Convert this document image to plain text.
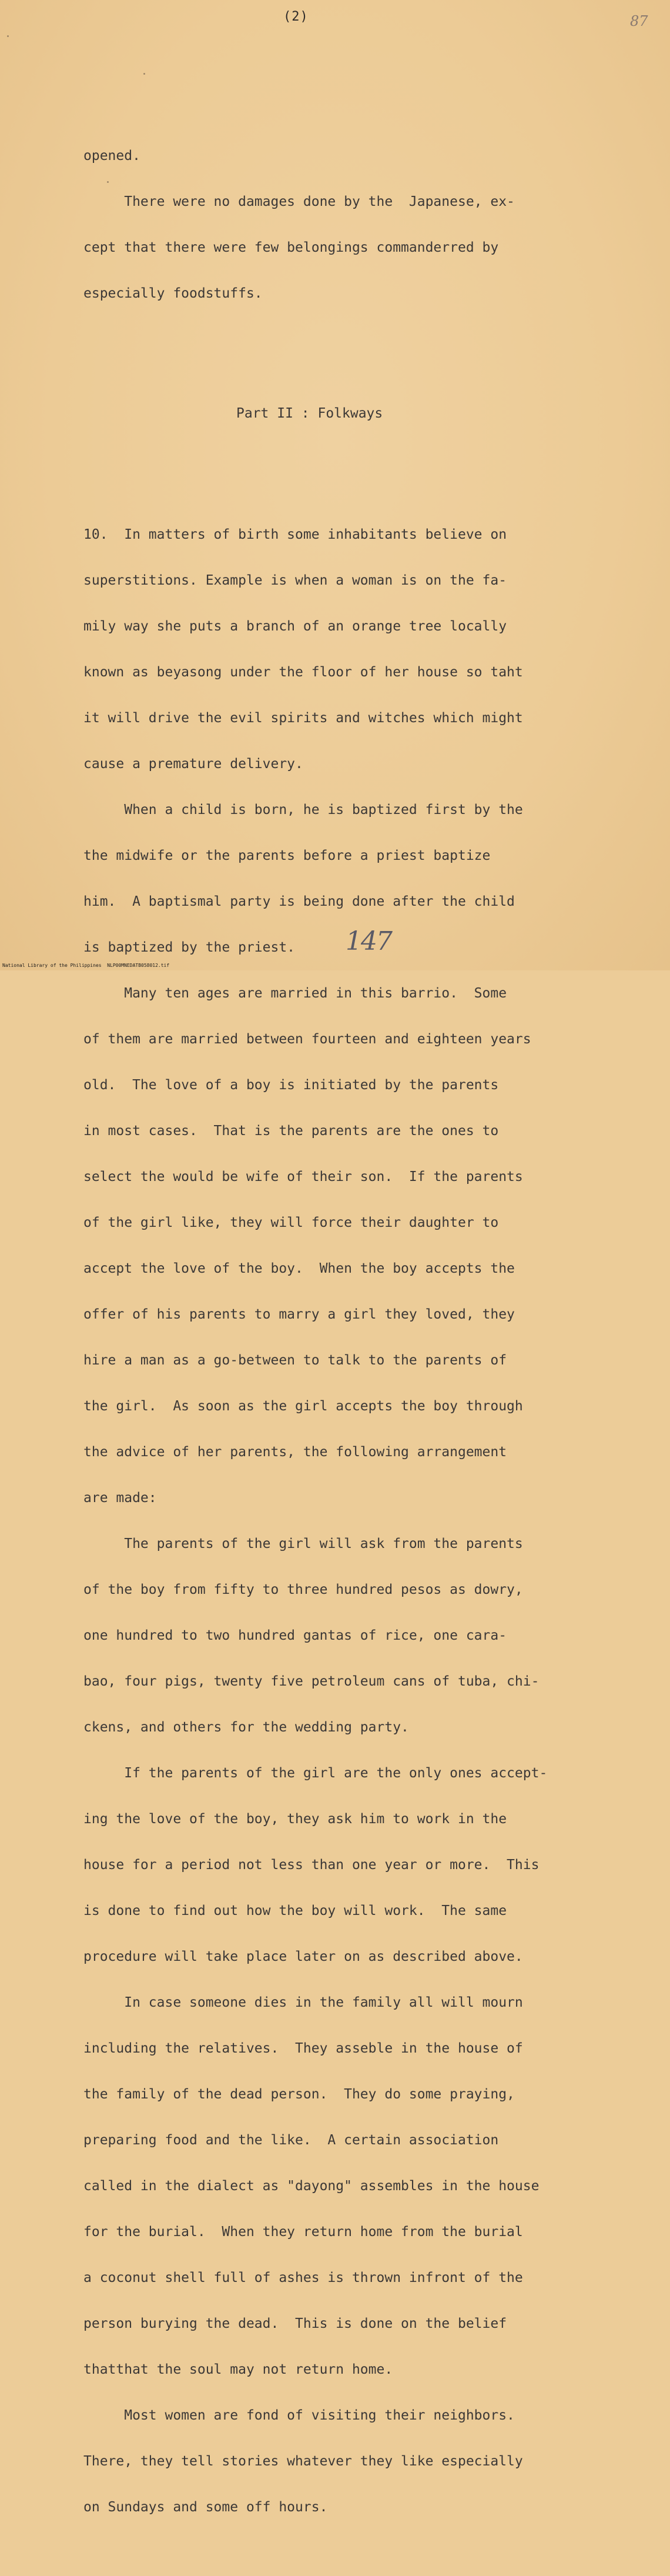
(2)	87

opened.

There were no damages done by the  Japanese, ex-

cept that there were few belongings commanderred by

especially foodstuffs.

Part II : Folkways

10.  In matters of birth some inhabitants believe on

superstitions. Example is when a woman is on the fa-

mily way she puts a branch of an orange tree locally

known as beyasong under the floor of her house so taht

it will drive the evil spirits and witches which might

cause a premature delivery.

When a child is born, he is baptized first by the

the midwife or the parents before a priest baptize

him.  A baptismal party is being done after the child

is baptized by the priest.

Many ten ages are married in this barrio.  Some

of them are married between fourteen and eighteen years

old.  The love of a boy is initiated by the parents

in most cases.  That is the parents are the ones to

select the would be wife of their son.  If the parents

of the girl like, they will force their daughter to

accept the love of the boy.  When the boy accepts the

offer of his parents to marry a girl they loved, they

hire a man as a go-between to talk to the parents of

the girl.  As soon as the girl accepts the boy through

the advice of her parents, the following arrangement

are made:

The parents of the girl will ask from the parents

of the boy from fifty to three hundred pesos as dowry,

one hundred to two hundred gantas of rice, one cara-

bao, four pigs, twenty five petroleum cans of tuba, chi-

ckens, and others for the wedding party.

If the parents of the girl are the only ones accept-

ing the love of the boy, they ask him to work in the

house for a period not less than one year or more.  This

is done to find out how the boy will work.  The same

procedure will take place later on as described above.

In case someone dies in the family all will mourn

including the relatives.  They asseble in the house of

the family of the dead person.  They do some praying,

preparing food and the like.  A certain association

called in the dialect as "dayong" assembles in the house

for the burial.  When they return home from the burial

a coconut shell full of ashes is thrown infront of the

person burying the dead.  This is done on the belief

thatthat the soul may not return home.

Most women are fond of visiting their neighbors.

There, they tell stories whatever they like especially

on Sundays and some off hours.

147
National Library of the Philippines NLP00MNEDATB058012.tif
